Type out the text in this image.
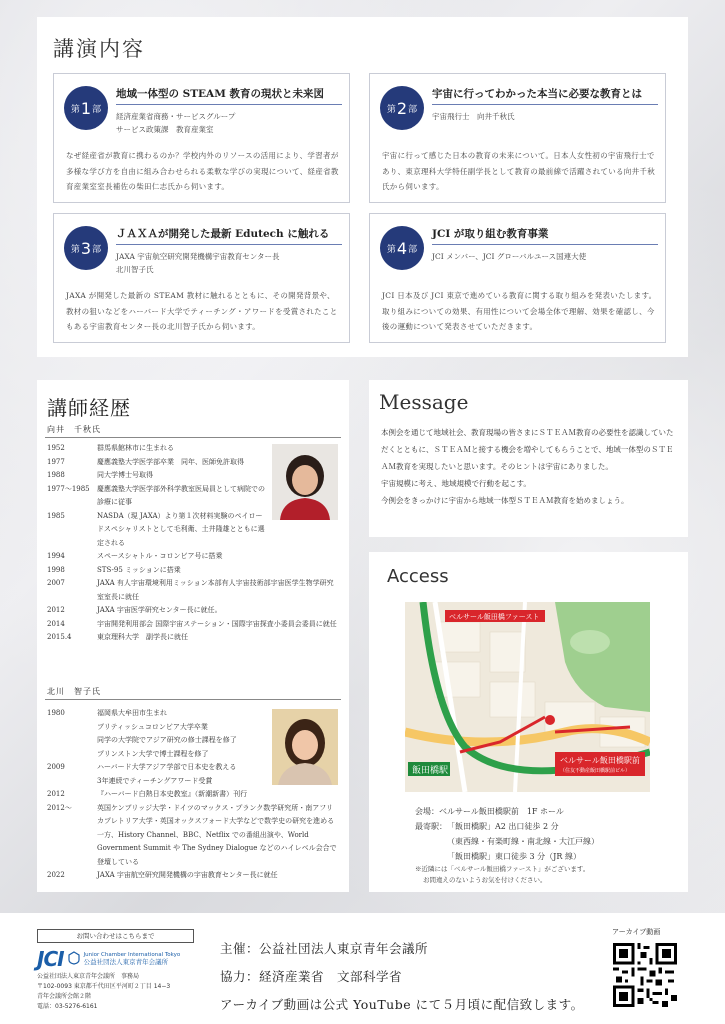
講演内容
第 1 部
地域一体型の STEAM 教育の現状と未来図
経済産業省商務・サービスグループ
サービス政策課　教育産業室
なぜ経産省が教育に携わるのか？学校内外のリソースの活用により、学習者が多様な学び方を自由に組み合わせられる柔軟な学びの実現について、経産省教育産業室室長補佐の柴田仁志氏から伺います。
第 2 部
宇宙に行ってわかった本当に必要な教育とは
宇宙飛行士　向井千秋氏
宇宙に行って感じた日本の教育の未来について。日本人女性初の宇宙飛行士であり、東京理科大学特任副学長として教育の最前線で活躍されている向井千秋氏から伺います。
第 3 部
ＪＡＸＡが開発した最新 Edutech に触れる
JAXA 宇宙航空研究開発機構宇宙教育センター長
北川智子氏
JAXA が開発した最新の STEAM 教材に触れるとともに、その開発背景や、教材の狙いなどをハーバード大学でティーチング・アワードを受賞されたこともある宇宙教育センター長の北川智子氏から伺います。
第 4 部
JCI が取り組む教育事業
JCI メンバー、JCI グローバルユース国連大使
JCI 日本及び JCI 東京で進めている教育に関する取り組みを発表いたします。取り組みについての効果、有用性について会場全体で理解、効果を確認し、今後の運動について発表させていただきます。
講師経歴
向井　千秋氏
1952	群馬県館林市に生まれる
1977	慶應義塾大学医学部卒業　同年、医師免許取得
1988	同大学博士号取得
1977〜1985	慶應義塾大学医学部外科学教室医局員として病院での診療に従事
1985	NASDA（現 JAXA）より第１次材料実験のペイロードスペシャリストとして毛利衛、土井隆雄とともに選定される
1994	スペースシャトル・コロンビア号に搭乗
1998	STS-95 ミッションに搭乗
2007	JAXA 有人宇宙環境利用ミッション本部有人宇宙技術部宇宙医学生物学研究室室長に就任
2012	JAXA 宇宙医学研究センター長に就任。
2014	宇宙開発利用部会 国際宇宙ステーション・国際宇宙探査小委員会委員に就任
2015.4	東京理科大学　副学長に就任
北川　智子氏
1980	福岡県大牟田市生まれ
ブリティッシュコロンビア大学卒業
同学の大学院でアジア研究の修士課程を修了
プリンストン大学で博士課程を修了
2009	ハーバード大学アジア学部で日本史を教える
3年連続でティーチングアワード受賞
2012	『ハーバード白熱日本史教室』（新潮新書）刊行
2012〜	英国ケンブリッジ大学・ドイツのマックス・プランク数学研究所・南アフリカプレトリア大学・英国オックスフォード大学などで数学史の研究を進める一方、History Channel、BBC、Netflix での番組出演や、World Government Summit や The Sydney Dialogue などのハイレベル会合で登壇している
2022	JAXA 宇宙航空研究開発機構の宇宙教育センター長に就任
Message
本例会を通じて地域社会、教育現場の皆さまにＳＴＥＡＭ教育の必要性を認識していただくとともに、ＳＴＥＡＭと接する機会を増やしてもらうことで、地域一体型のＳＴＥＡＭ教育を実現したいと思います。そのヒントは宇宙にありました。
宇宙規模に考え、地域規模で行動を起こす。
今例会をきっかけに宇宙から地域一体型ＳＴＥＡＭ教育を始めましょう。
Access
ベルサール飯田橋ファースト
ベルサール飯田橋駅前
（住友不動産飯田橋駅前ビル）
飯田橋駅
会場：ベルサール飯田橋駅前　1F ホール
最寄駅： 「飯田橋駅」A2 出口徒歩 2 分
（東西線・有楽町線・南北線・大江戸線）
「飯田橋駅」東口徒歩 3 分（JR 線）
※近隣には「ベルサール飯田橋ファースト」がございます。
お間違えのないようお気を付けください。
お問い合わせはこちらまで
JCI	Junior Chamber International Tokyo
公益社団法人東京青年会議所
公益社団法人東京青年会議所　事務局
〒102-0093 東京都千代田区平河町２丁目 14−3
青年会議所会館２階
電話：03-5276-6161
主催：公益社団法人東京青年会議所
協力：経済産業省　文部科学省
アーカイブ動画は公式 YouTube にて５月頃に配信致します。
アーカイブ動画
